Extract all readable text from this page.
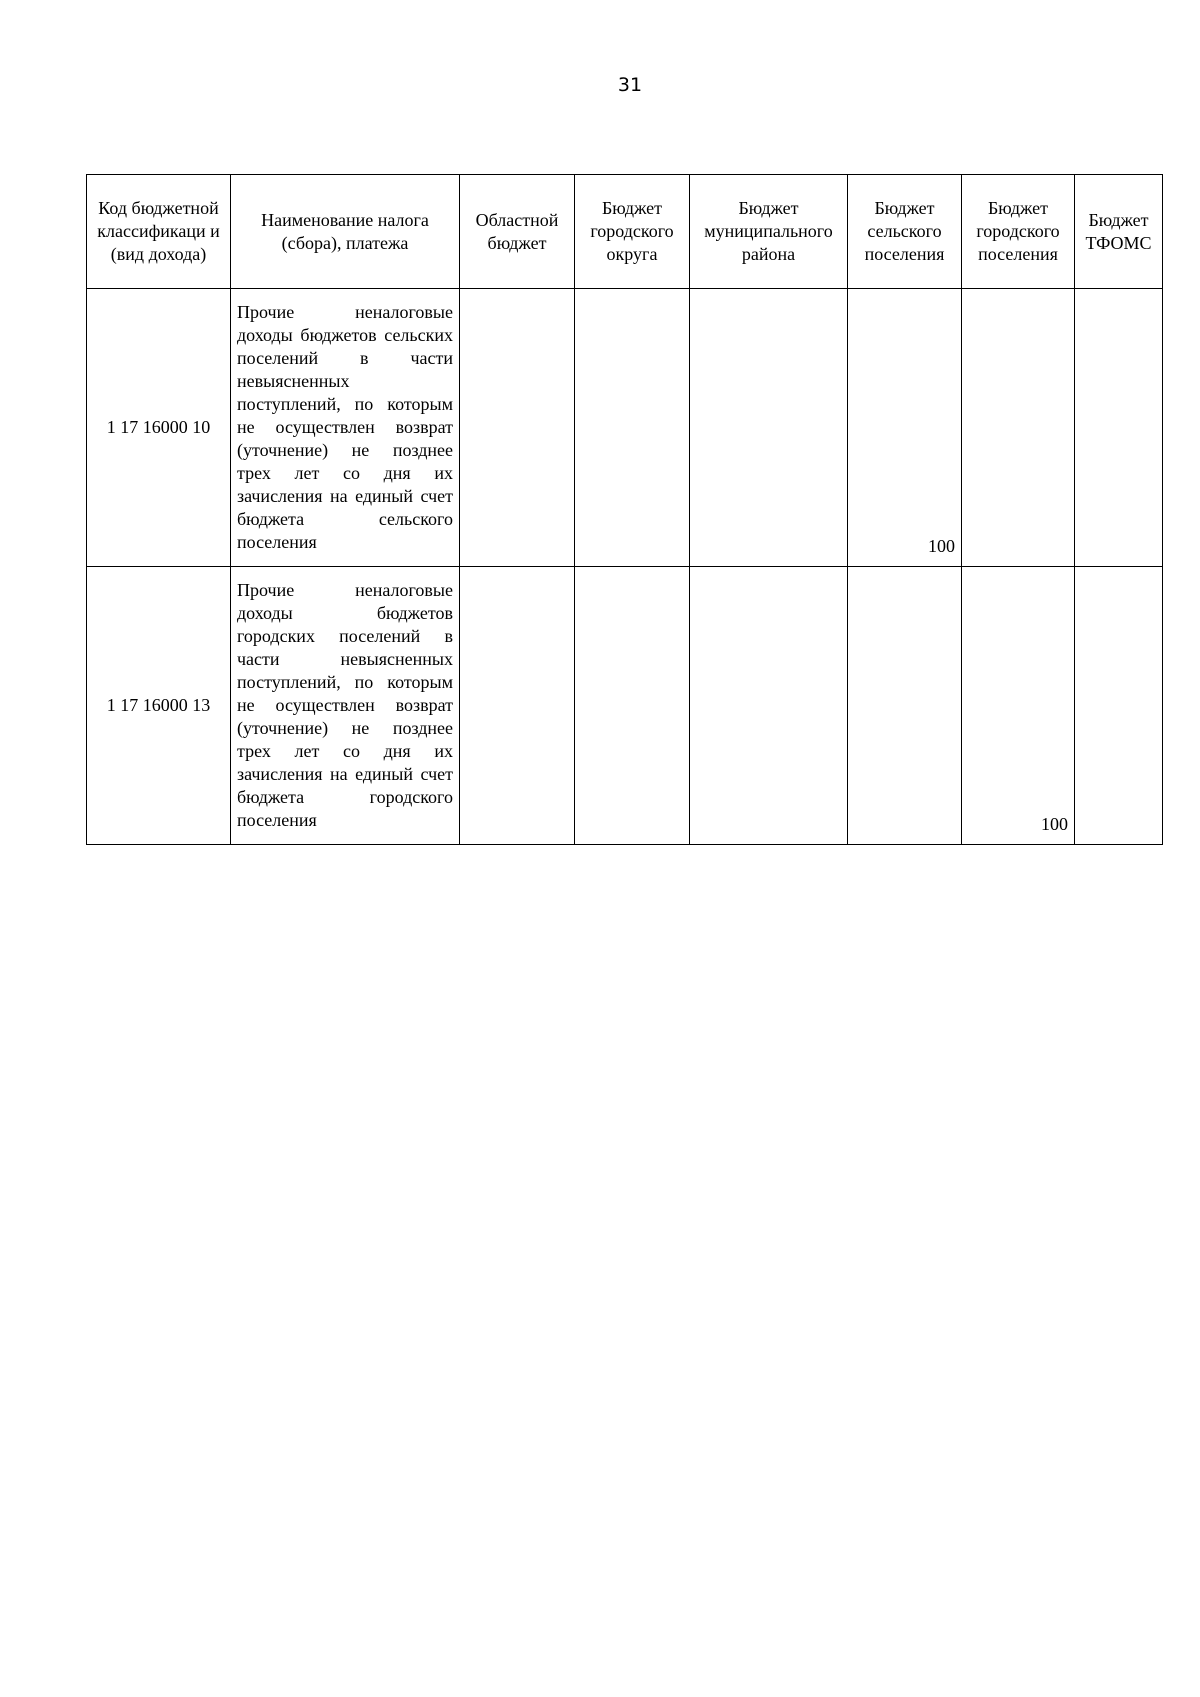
31
Код бюджетной классификаци и (вид дохода)	Наименование налога (сбора), платежа	Областной бюджет	Бюджет городского округа	Бюджет муниципального района	Бюджет сельского поселения	Бюджет городского поселения	Бюджет ТФОМС
1 17 16000 10	Прочие неналоговые доходы бюджетов сельских поселений в части невыясненных поступлений, по которым не осуществлен возврат (уточнение) не позднее трех лет со дня их зачисления на единый счет бюджета сельского поселения				100		
1 17 16000 13	Прочие неналоговые доходы бюджетов городских поселений в части невыясненных поступлений, по которым не осуществлен возврат (уточнение) не позднее трех лет со дня их зачисления на единый счет бюджета городского поселения					100	
